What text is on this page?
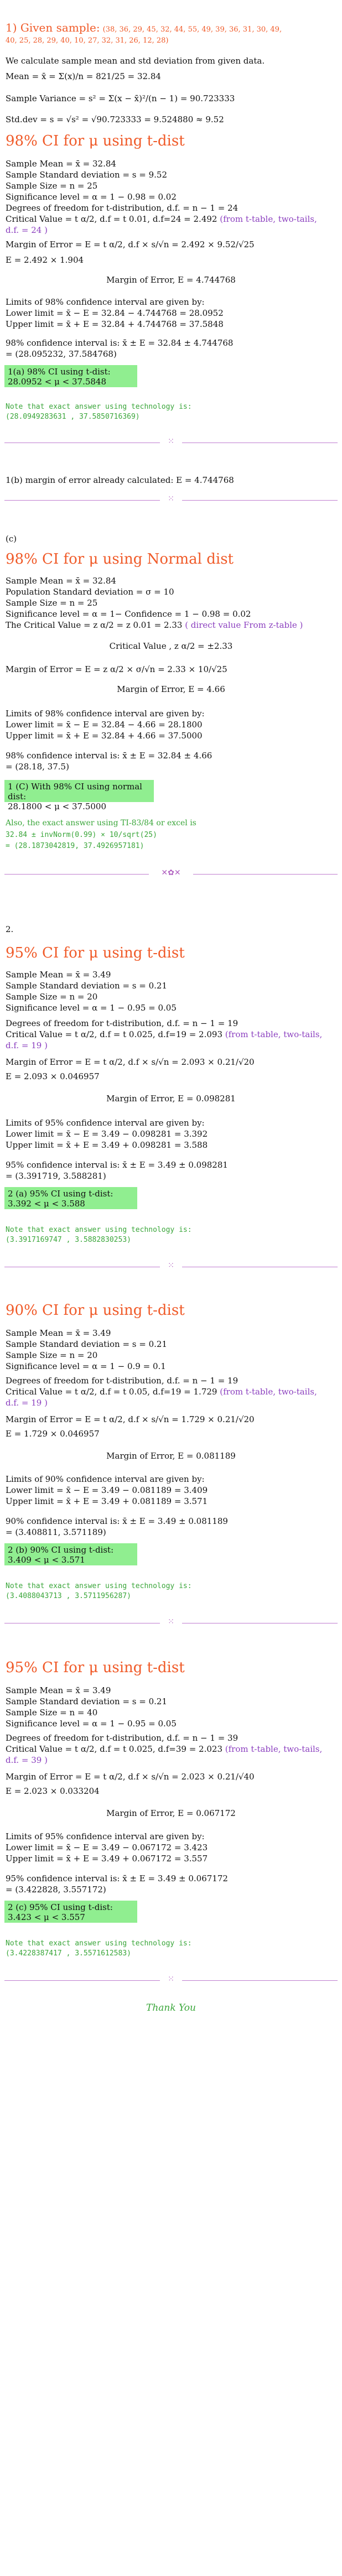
1) Given sample: (38, 36, 29, 45, 32, 44, 55, 49, 39, 36, 31, 30, 49,
40, 25, 28, 29, 40, 10, 27, 32, 31, 26, 12, 28)
We calculate sample mean and std deviation from given data.
Mean = x̄ = Σ(x)/n = 821/25 = 32.84
Sample Variance = s² = Σ(x − x̄)²/(n − 1) = 90.723333
Std.dev = s = √s² = √90.723333 = 9.524880 ≈ 9.52
98% CI for μ using t-dist
Sample Mean = x̄ = 32.84
Sample Standard deviation = s = 9.52
Sample Size = n = 25
Significance level = α = 1 − 0.98 = 0.02
Degrees of freedom for t-distribution, d.f. = n − 1 = 24
Critical Value = t α/2, d.f = t 0.01, d.f=24 = 2.492 (from t-table, two-tails,
d.f. = 24 )
Margin of Error = E = t α/2, d.f × s/√n = 2.492 × 9.52/√25
E = 2.492 × 1.904
Margin of Error, E = 4.744768
Limits of 98% confidence interval are given by:
Lower limit = x̄ − E = 32.84 − 4.744768 = 28.0952
Upper limit = x̄ + E = 32.84 + 4.744768 = 37.5848
98% confidence interval is: x̄ ± E = 32.84 ± 4.744768
= (28.095232, 37.584768)
1(a) 98% CI using t-dist:
28.0952 < μ < 37.5848
Note that exact answer using technology is:
(28.0949283631 , 37.5850716369)
⁙
1(b) margin of error already calculated: E = 4.744768
⁙
(c)
98% CI for μ using Normal dist
Sample Mean = x̄ = 32.84
Population Standard deviation = σ = 10
Sample Size = n = 25
Significance level = α = 1− Confidence = 1 − 0.98 = 0.02
The Critical Value = z α/2 = z 0.01 = 2.33 ( direct value From z-table )
Critical Value , z α/2 = ±2.33
Margin of Error = E = z α/2 × σ/√n = 2.33 × 10/√25
Margin of Error, E = 4.66
Limits of 98% confidence interval are given by:
Lower limit = x̄ − E = 32.84 − 4.66 = 28.1800
Upper limit = x̄ + E = 32.84 + 4.66 = 37.5000
98% confidence interval is: x̄ ± E = 32.84 ± 4.66
= (28.18, 37.5)
1 (C) With 98% CI using normal dist:
28.1800 < μ < 37.5000
Also, the exact answer using TI-83/84 or excel is
32.84 ± invNorm(0.99) × 10/sqrt(25)
= (28.1873042819, 37.4926957181)
✕✿✕
2.
95% CI for μ using t-dist
Sample Mean = x̄ = 3.49
Sample Standard deviation = s = 0.21
Sample Size = n = 20
Significance level = α = 1 − 0.95 = 0.05
Degrees of freedom for t-distribution, d.f. = n − 1 = 19
Critical Value = t α/2, d.f = t 0.025, d.f=19 = 2.093 (from t-table, two-tails,
d.f. = 19 )
Margin of Error = E = t α/2, d.f × s/√n = 2.093 × 0.21/√20
E = 2.093 × 0.046957
Margin of Error, E = 0.098281
Limits of 95% confidence interval are given by:
Lower limit = x̄ − E = 3.49 − 0.098281 = 3.392
Upper limit = x̄ + E = 3.49 + 0.098281 = 3.588
95% confidence interval is: x̄ ± E = 3.49 ± 0.098281
= (3.391719, 3.588281)
2 (a) 95% CI using t-dist:
3.392 < μ < 3.588
Note that exact answer using technology is:
(3.3917169747 , 3.5882830253)
⁙
90% CI for μ using t-dist
Sample Mean = x̄ = 3.49
Sample Standard deviation = s = 0.21
Sample Size = n = 20
Significance level = α = 1 − 0.9 = 0.1
Degrees of freedom for t-distribution, d.f. = n − 1 = 19
Critical Value = t α/2, d.f = t 0.05, d.f=19 = 1.729 (from t-table, two-tails,
d.f. = 19 )
Margin of Error = E = t α/2, d.f × s/√n = 1.729 × 0.21/√20
E = 1.729 × 0.046957
Margin of Error, E = 0.081189
Limits of 90% confidence interval are given by:
Lower limit = x̄ − E = 3.49 − 0.081189 = 3.409
Upper limit = x̄ + E = 3.49 + 0.081189 = 3.571
90% confidence interval is: x̄ ± E = 3.49 ± 0.081189
= (3.408811, 3.571189)
2 (b) 90% CI using t-dist:
3.409 < μ < 3.571
Note that exact answer using technology is:
(3.4088043713 , 3.5711956287)
⁙
95% CI for μ using t-dist
Sample Mean = x̄ = 3.49
Sample Standard deviation = s = 0.21
Sample Size = n = 40
Significance level = α = 1 − 0.95 = 0.05
Degrees of freedom for t-distribution, d.f. = n − 1 = 39
Critical Value = t α/2, d.f = t 0.025, d.f=39 = 2.023 (from t-table, two-tails,
d.f. = 39 )
Margin of Error = E = t α/2, d.f × s/√n = 2.023 × 0.21/√40
E = 2.023 × 0.033204
Margin of Error, E = 0.067172
Limits of 95% confidence interval are given by:
Lower limit = x̄ − E = 3.49 − 0.067172 = 3.423
Upper limit = x̄ + E = 3.49 + 0.067172 = 3.557
95% confidence interval is: x̄ ± E = 3.49 ± 0.067172
= (3.422828, 3.557172)
2 (c) 95% CI using t-dist:
3.423 < μ < 3.557
Note that exact answer using technology is:
(3.4228387417 , 3.5571612583)
⁙
Thank You
